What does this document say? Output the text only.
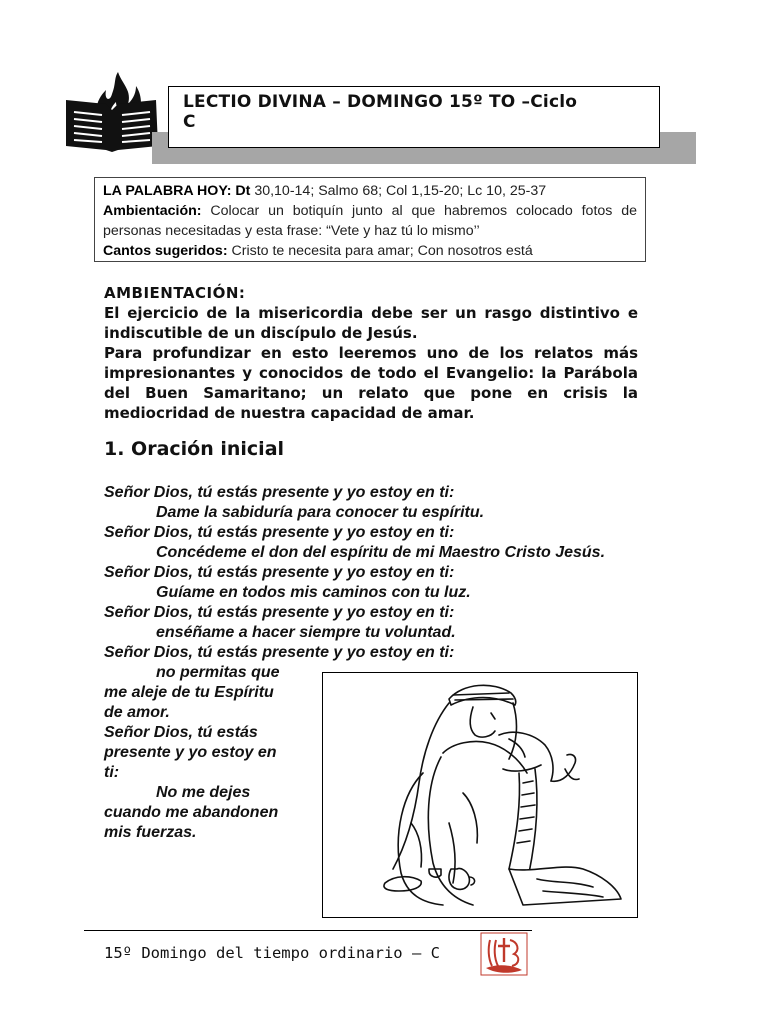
LECTIO DIVINA – DOMINGO 15º TO –Ciclo
C

LA PALABRA HOY: Dt 30,10-14; Salmo 68; Col 1,15-20; Lc 10, 25-37

Ambientación: Colocar un botiquín junto al que habremos colocado fotos de personas necesitadas y esta frase: “Vete y haz tú lo mismo’’

Cantos sugeridos: Cristo te necesita para amar; Con nosotros está

AMBIENTACIÓN:

El ejercicio de la misericordia debe ser un rasgo distintivo e indiscutible de un discípulo de Jesús.

Para profundizar en esto leeremos uno de los relatos más impresionantes y conocidos de todo el Evangelio: la Parábola del Buen Samaritano; un relato que pone en crisis la mediocridad de nuestra capacidad de amar.

1. Oración inicial
Señor Dios, tú estás presente y yo estoy en ti:
Dame la sabiduría para conocer tu espíritu.
Señor Dios, tú estás presente y yo estoy en ti:
Concédeme el don del espíritu de mi Maestro Cristo Jesús.
Señor Dios, tú estás presente y yo estoy en ti:
Guíame en todos mis caminos con tu luz.
Señor Dios, tú estás presente y yo estoy en ti:
enséñame a hacer siempre tu voluntad.
Señor Dios, tú estás presente y yo estoy en ti:
no permitas que
me aleje de tu Espíritu
de amor.
Señor Dios, tú estás
presente y yo estoy en
ti:
No me dejes
cuando me abandonen
mis fuerzas.
15º Domingo del tiempo ordinario – C
